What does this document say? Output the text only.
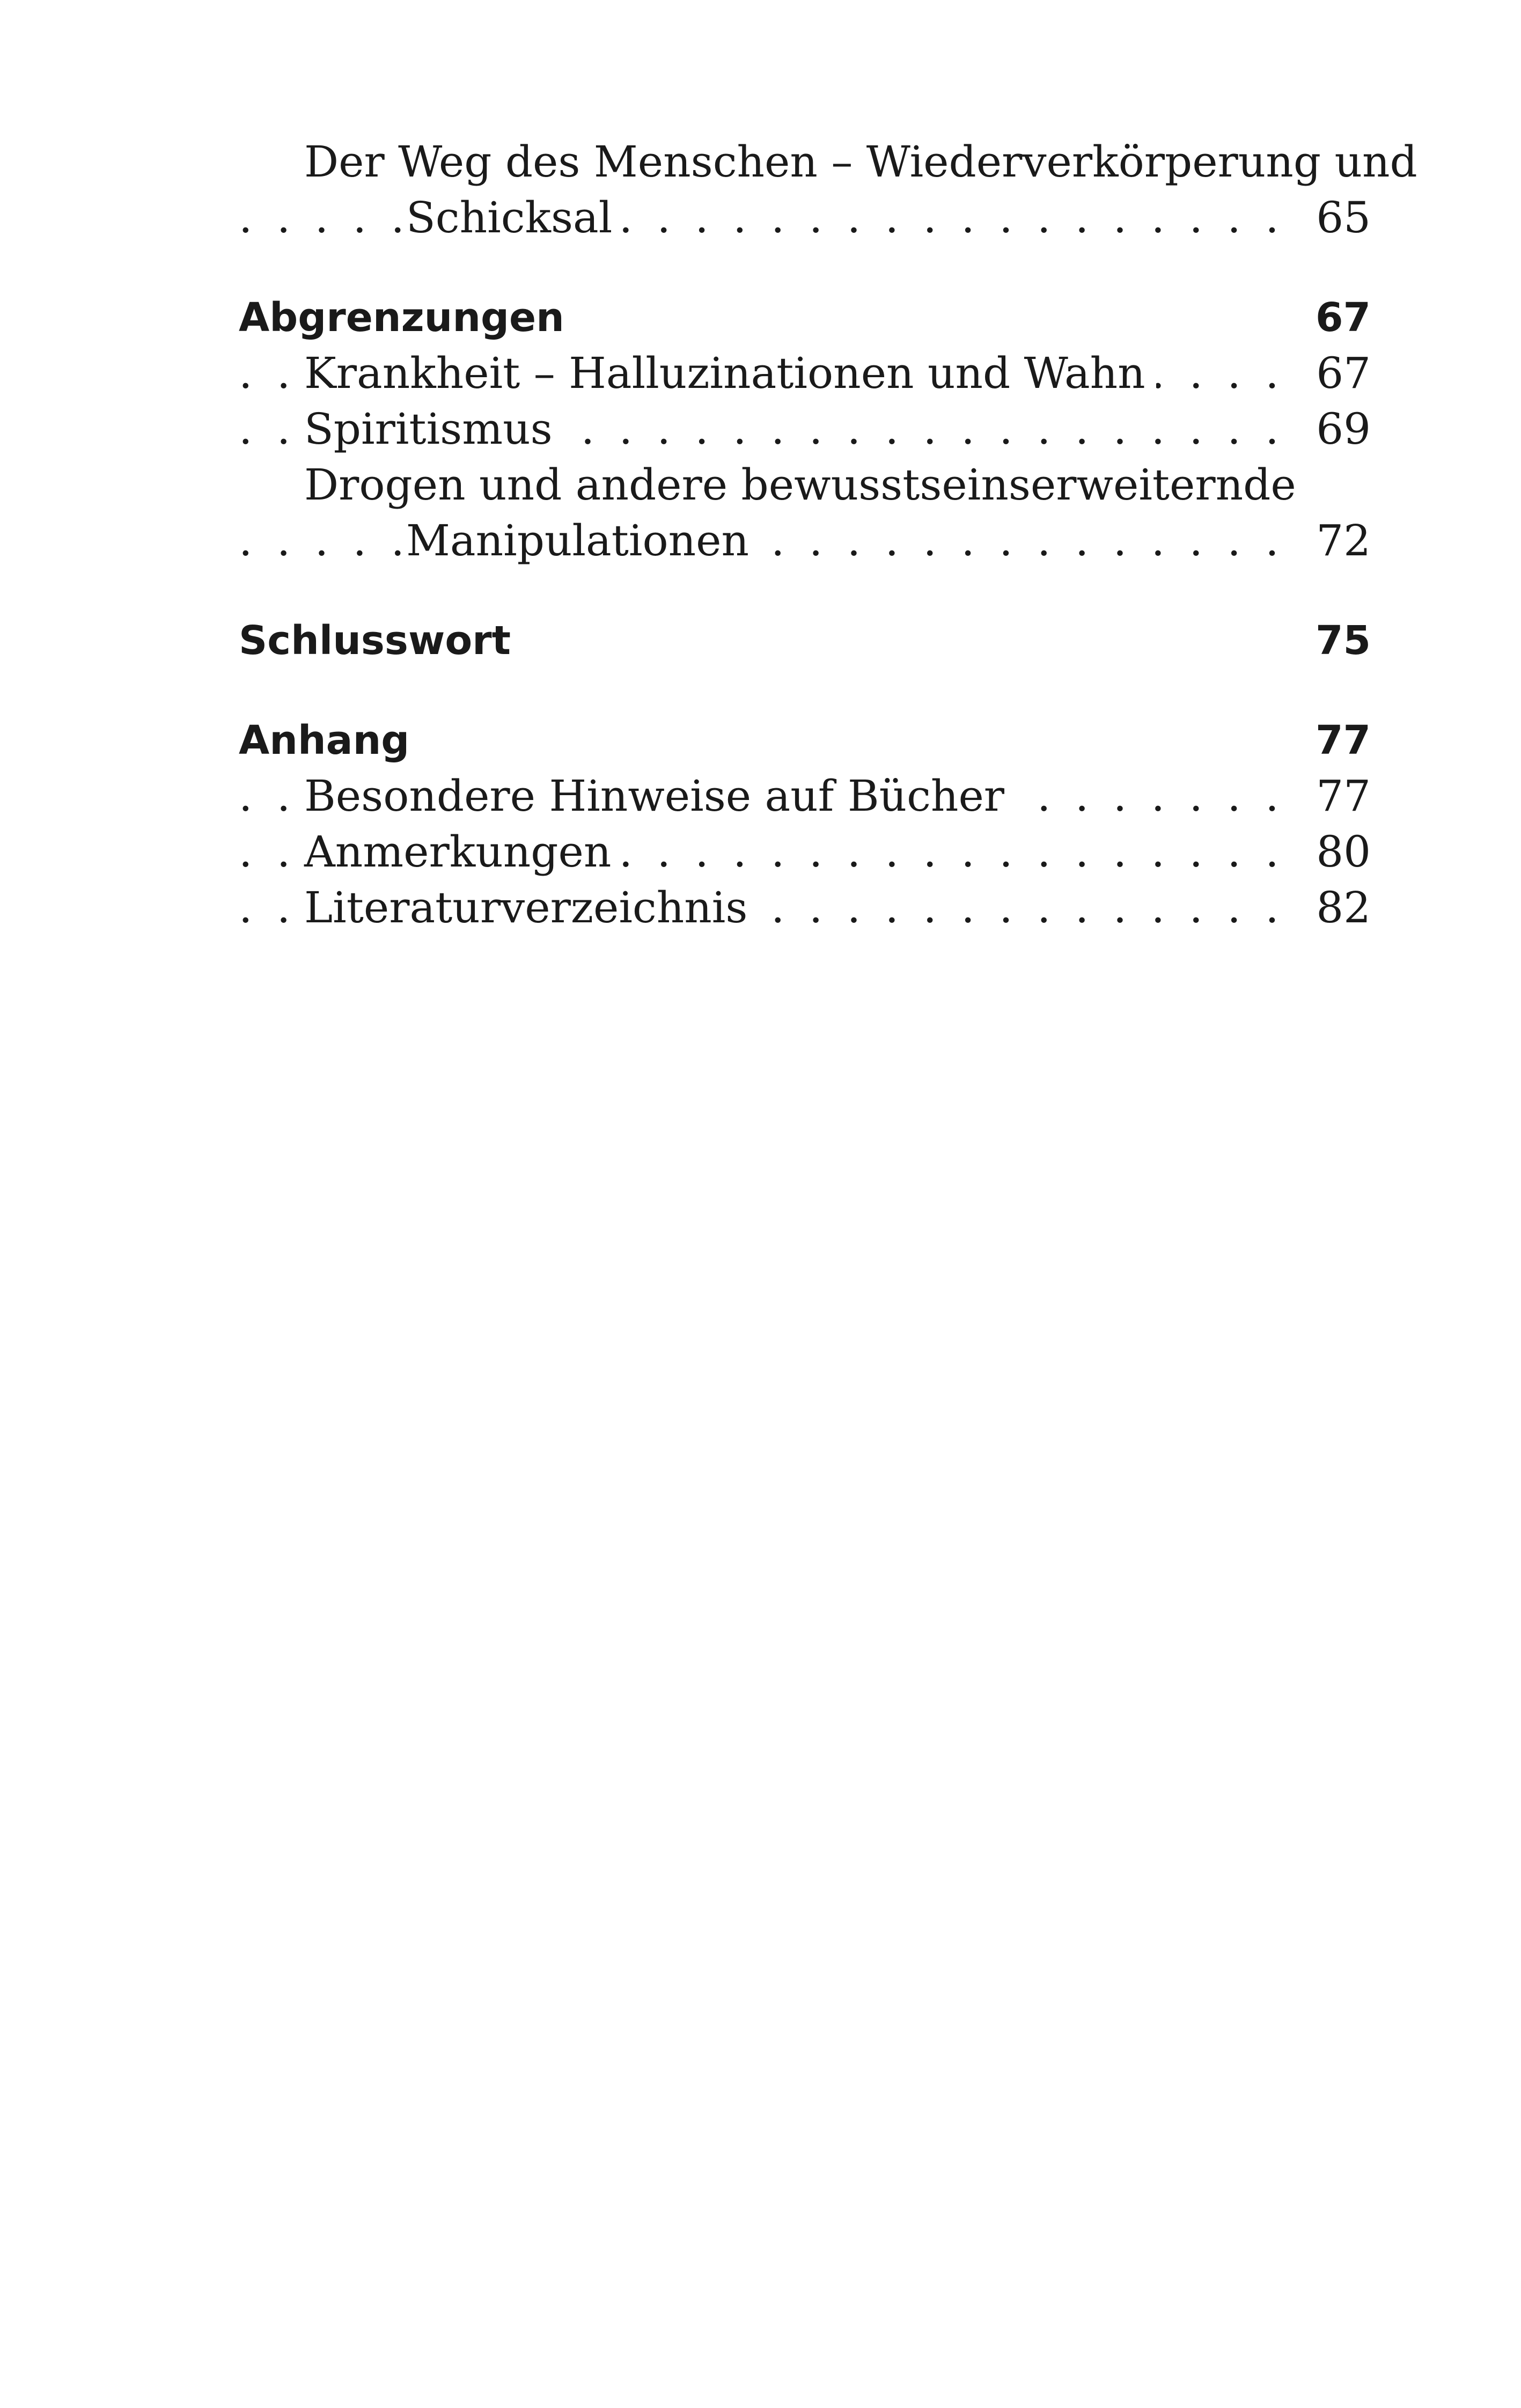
Der Weg des Menschen – Wiederverkörperung und
. . .
Schicksal	65
Abgrenzungen	67
. . .
Krankheit – Halluzinationen und Wahn	67
. . .
Spiritismus	69
Drogen und andere bewusstseinserweiternde
. . .
Manipulationen	72
Schlusswort	75
Anhang	77
. . .
Besondere Hinweise auf Bücher	77
. . .
Anmerkungen	80
. . .
Literaturverzeichnis	82
